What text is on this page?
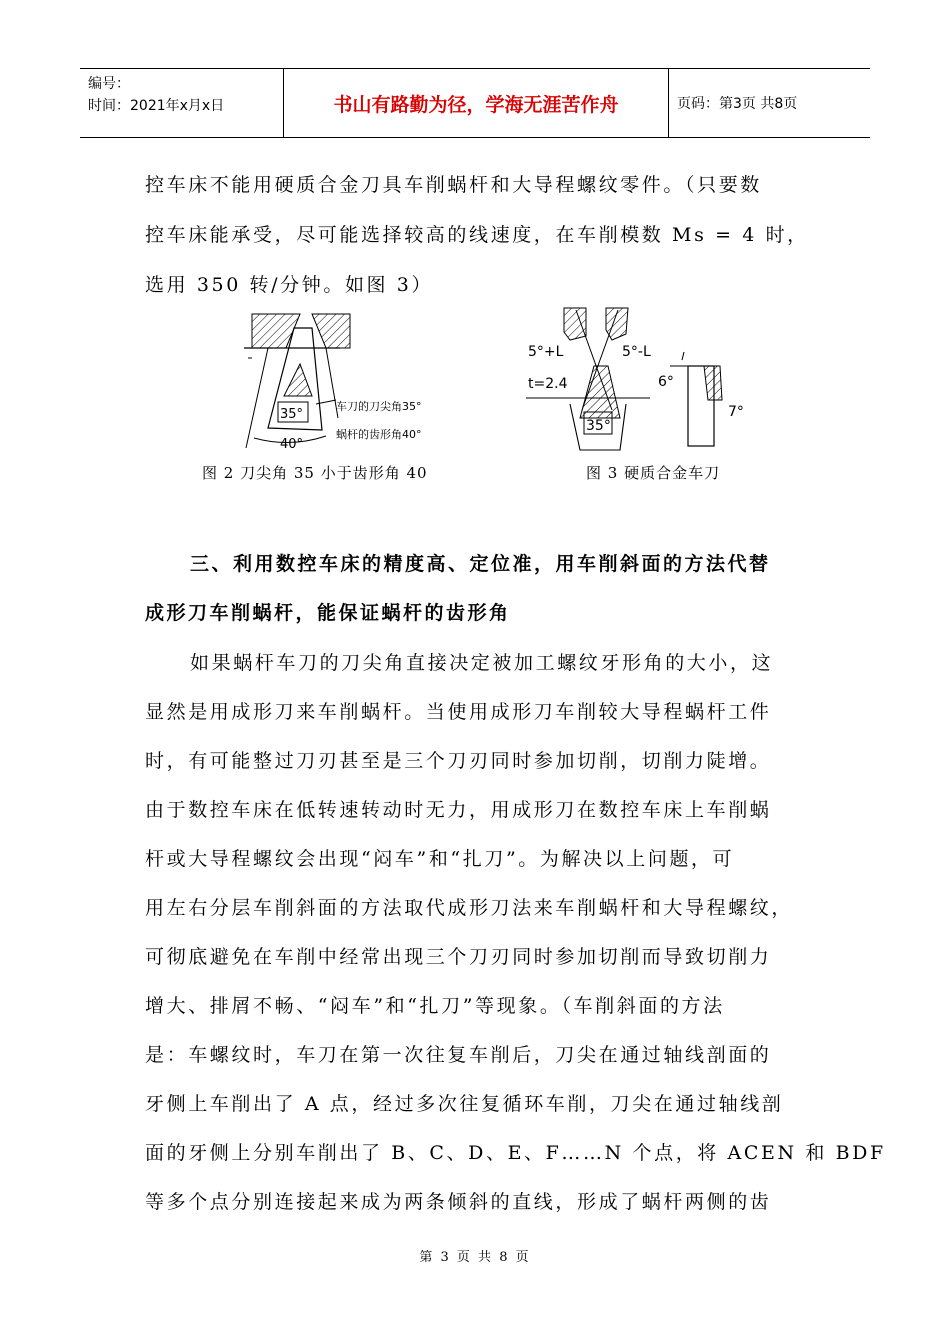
编号：
时间：2021年x月x日	书山有路勤为径，学海无涯苦作舟	页码：第3页 共8页
控车床不能用硬质合金刀具车削蜗杆和大导程螺纹零件。（只要数
控车床能承受，尽可能选择较高的线速度，在车削模数 Ms = 4 时，
选用 350 转/分钟。如图 3）
35°
40°
车刀的刀尖角35°
蜗杆的齿形角40°
图 2 刀尖角 35 小于齿形角 40
5°+L	5°-L
t=2.4
35°
6°
7°
图 3 硬质合金车刀
三、利用数控车床的精度高、定位准，用车削斜面的方法代替
成形刀车削蜗杆，能保证蜗杆的齿形角
如果蜗杆车刀的刀尖角直接决定被加工螺纹牙形角的大小，这
显然是用成形刀来车削蜗杆。当使用成形刀车削较大导程蜗杆工件
时，有可能整过刀刃甚至是三个刀刃同时参加切削，切削力陡增。
由于数控车床在低转速转动时无力，用成形刀在数控车床上车削蜗
杆或大导程螺纹会出现“闷车”和“扎刀”。为解决以上问题，可
用左右分层车削斜面的方法取代成形刀法来车削蜗杆和大导程螺纹，
可彻底避免在车削中经常出现三个刀刃同时参加切削而导致切削力
增大、排屑不畅、“闷车”和“扎刀”等现象。（车削斜面的方法
是：车螺纹时，车刀在第一次往复车削后，刀尖在通过轴线剖面的
牙侧上车削出了 A 点，经过多次往复循环车削，刀尖在通过轴线剖
面的牙侧上分别车削出了 B、C、D、E、F……N 个点，将 ACEN 和 BDF
等多个点分别连接起来成为两条倾斜的直线，形成了蜗杆两侧的齿
第 3 页 共 8 页
